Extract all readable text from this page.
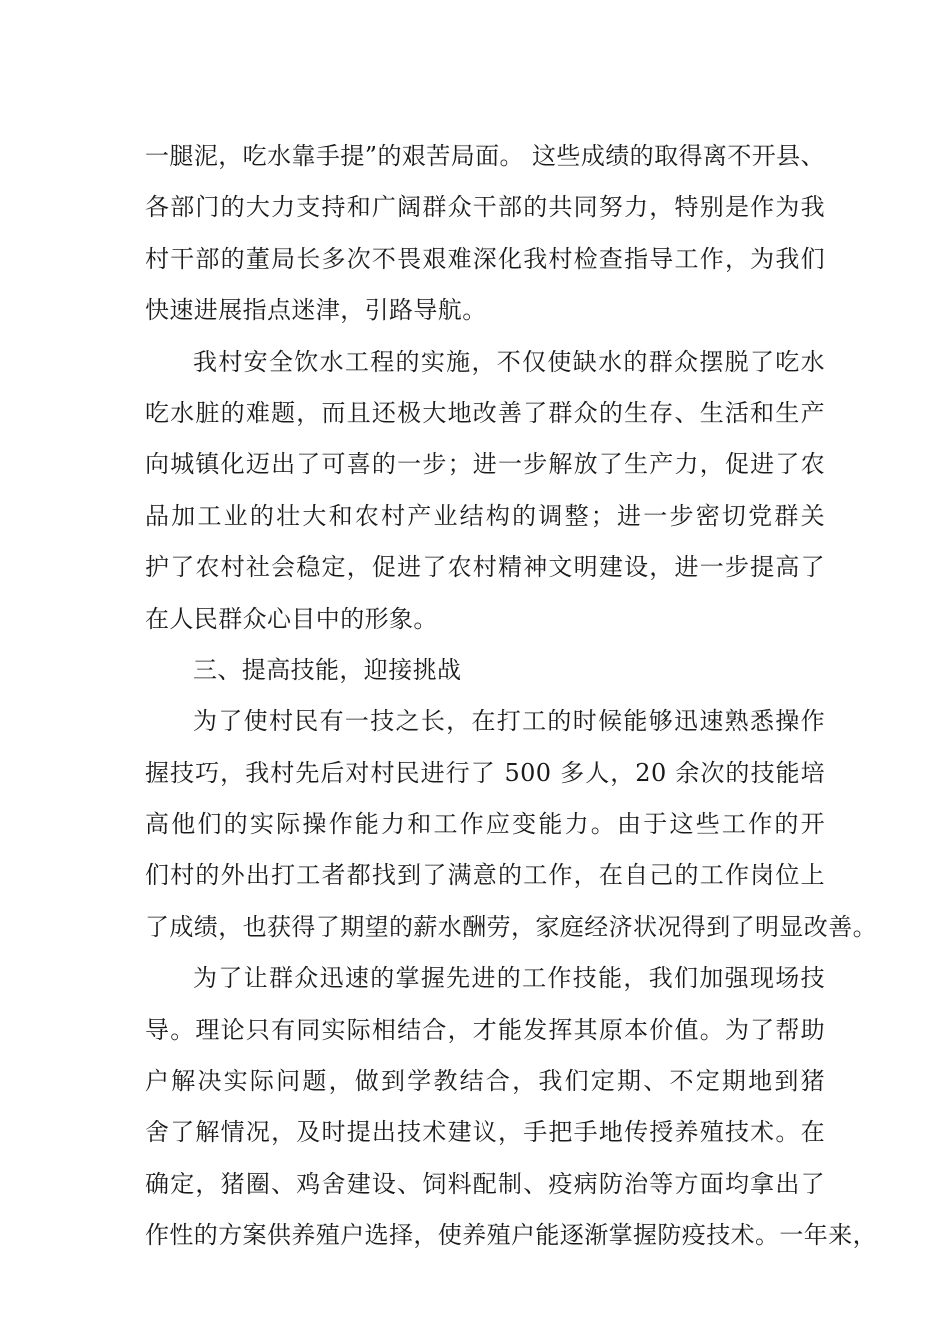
一腿泥，吃水靠手提”的艰苦局面。 这些成绩的取得离不开县、
各部门的大力支持和广阔群众干部的共同努力，特别是作为我
村干部的董局长多次不畏艰难深化我村检查指导工作，为我们
快速进展指点迷津，引路导航。
我村安全饮水工程的实施，不仅使缺水的群众摆脱了吃水
吃水脏的难题，而且还极大地改善了群众的生存、生活和生产
向城镇化迈出了可喜的一步；进一步解放了生产力，促进了农
品加工业的壮大和农村产业结构的调整；进一步密切党群关
护了农村社会稳定，促进了农村精神文明建设，进一步提高了
在人民群众心目中的形象。
三、提高技能，迎接挑战
为了使村民有一技之长，在打工的时候能够迅速熟悉操作
握技巧，我村先后对村民进行了 500 多人，20 余次的技能培
高他们的实际操作能力和工作应变能力。由于这些工作的开
们村的外出打工者都找到了满意的工作，在自己的工作岗位上
了成绩，也获得了期望的薪水酬劳，家庭经济状况得到了明显改善。
为了让群众迅速的掌握先进的工作技能，我们加强现场技
导。理论只有同实际相结合，才能发挥其原本价值。为了帮助
户解决实际问题，做到学教结合，我们定期、不定期地到猪
舍了解情况，及时提出技术建议，手把手地传授养殖技术。在
确定，猪圈、鸡舍建设、饲料配制、疫病防治等方面均拿出了
作性的方案供养殖户选择，使养殖户能逐渐掌握防疫技术。一年来，
